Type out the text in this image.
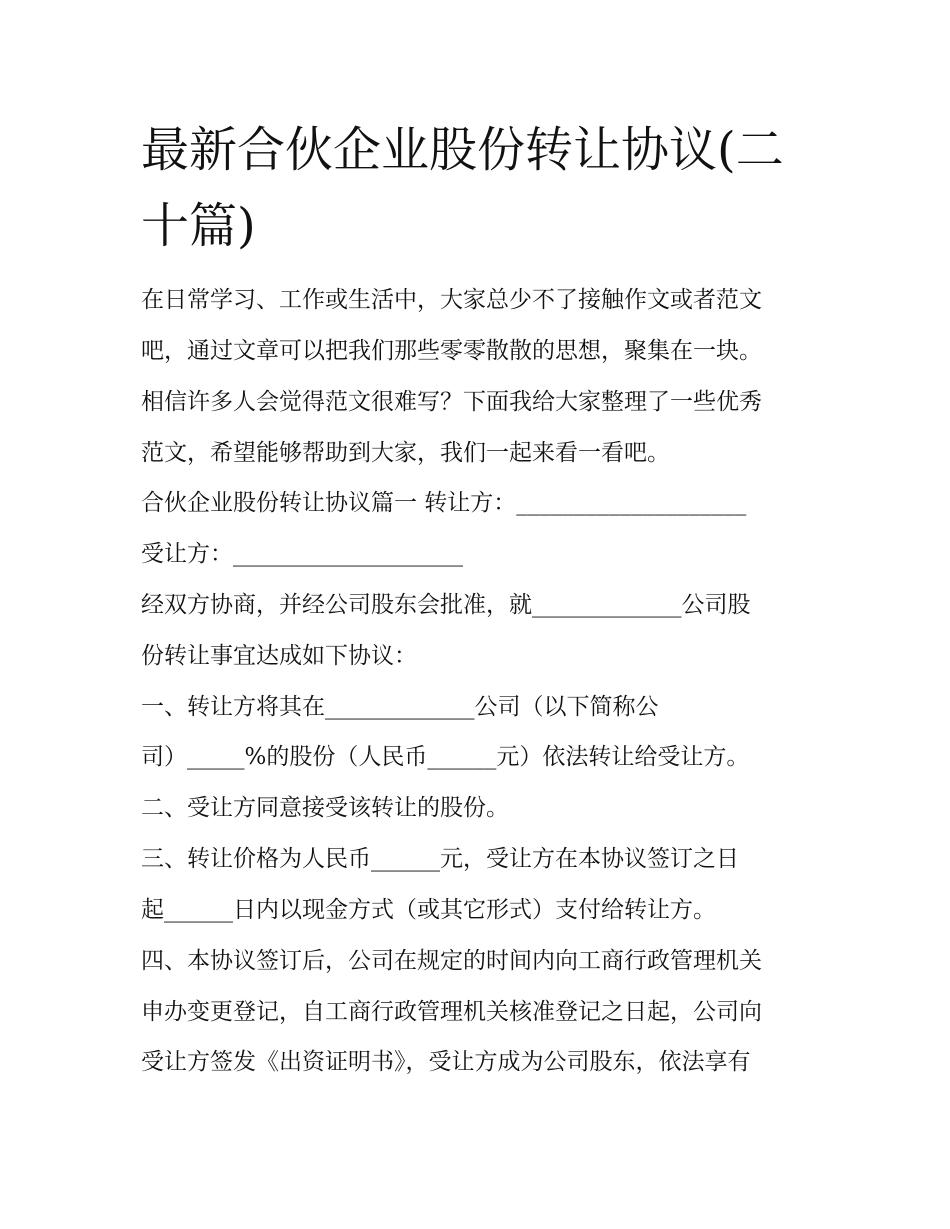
最新合伙企业股份转让协议(二十篇)

在日常学习、工作或生活中，大家总少不了接触作文或者范文

吧，通过文章可以把我们那些零零散散的思想，聚集在一块。

相信许多人会觉得范文很难写？下面我给大家整理了一些优秀

范文，希望能够帮助到大家，我们一起来看一看吧。

合伙企业股份转让协议篇一 转让方：____________________

受让方：____________________

经双方协商，并经公司股东会批准，就_____________公司股

份转让事宜达成如下协议：

一、转让方将其在_____________公司（以下简称公

司）_____%的股份（人民币______元）依法转让给受让方。

二、受让方同意接受该转让的股份。

三、转让价格为人民币______元，受让方在本协议签订之日

起______日内以现金方式（或其它形式）支付给转让方。

四、本协议签订后，公司在规定的时间内向工商行政管理机关

申办变更登记，自工商行政管理机关核准登记之日起，公司向

受让方签发《出资证明书》，受让方成为公司股东，依法享有
